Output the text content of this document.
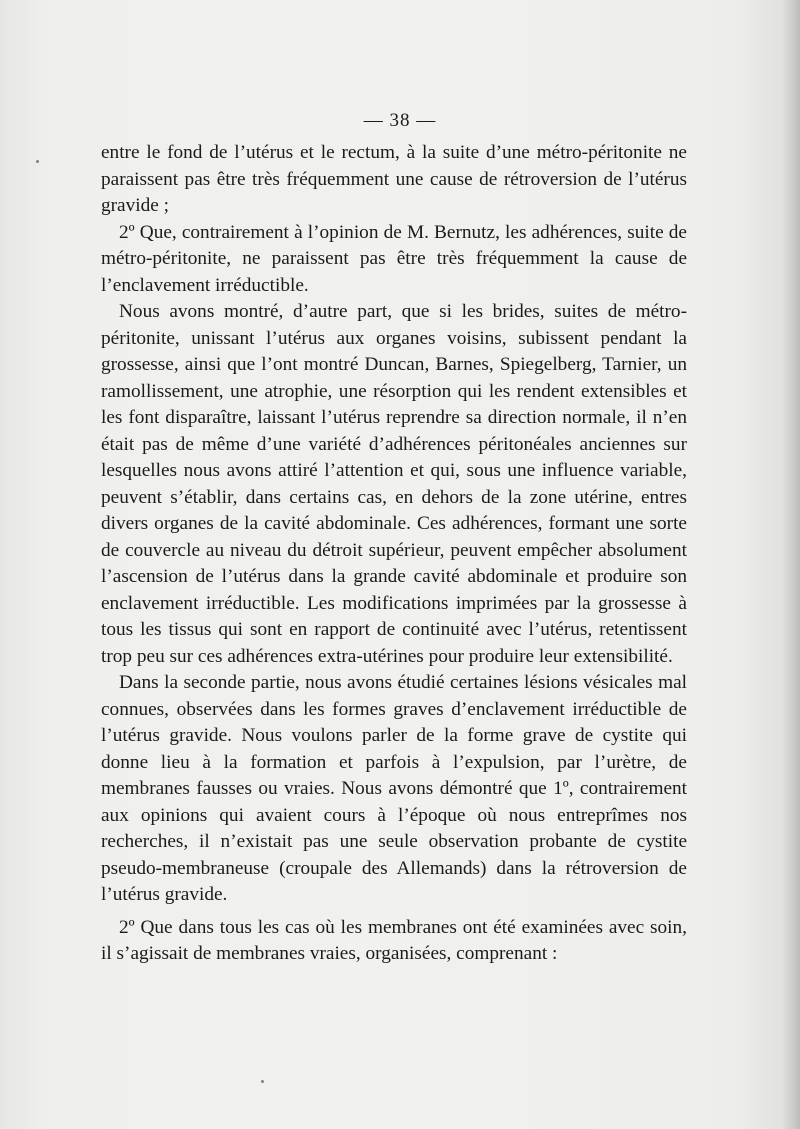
— 38 —

entre le fond de l’utérus et le rectum, à la suite d’une métro-péritonite ne paraissent pas être très fréquemment une cause de rétroversion de l’utérus gravide ;

2º Que, contrairement à l’opinion de M. Bernutz, les adhérences, suite de métro-péritonite, ne paraissent pas être très fréquemment la cause de l’enclavement irréductible.

Nous avons montré, d’autre part, que si les brides, suites de métro-péritonite, unissant l’utérus aux organes voisins, subissent pendant la grossesse, ainsi que l’ont montré Duncan, Barnes, Spiegelberg, Tarnier, un ramollissement, une atrophie, une résorption qui les rendent extensibles et les font disparaître, laissant l’utérus reprendre sa direction normale, il n’en était pas de même d’une variété d’adhérences péritonéales anciennes sur lesquelles nous avons attiré l’attention et qui, sous une influence variable, peuvent s’établir, dans certains cas, en dehors de la zone utérine, entres divers organes de la cavité abdominale. Ces adhérences, formant une sorte de couvercle au niveau du détroit supérieur, peuvent empêcher absolument l’ascension de l’utérus dans la grande cavité abdominale et produire son enclavement irréductible. Les modifications imprimées par la grossesse à tous les tissus qui sont en rapport de continuité avec l’utérus, retentissent trop peu sur ces adhérences extra-utérines pour produire leur extensibilité.

Dans la seconde partie, nous avons étudié certaines lésions vésicales mal connues, observées dans les formes graves d’enclavement irréductible de l’utérus gravide. Nous voulons parler de la forme grave de cystite qui donne lieu à la formation et parfois à l’expulsion, par l’urètre, de membranes fausses ou vraies. Nous avons démontré que 1º, contrairement aux opinions qui avaient cours à l’époque où nous entreprîmes nos recherches, il n’existait pas une seule observation probante de cystite pseudo-membraneuse (croupale des Allemands) dans la rétroversion de l’utérus gravide.

2º Que dans tous les cas où les membranes ont été examinées avec soin, il s’agissait de membranes vraies, organisées, comprenant :
